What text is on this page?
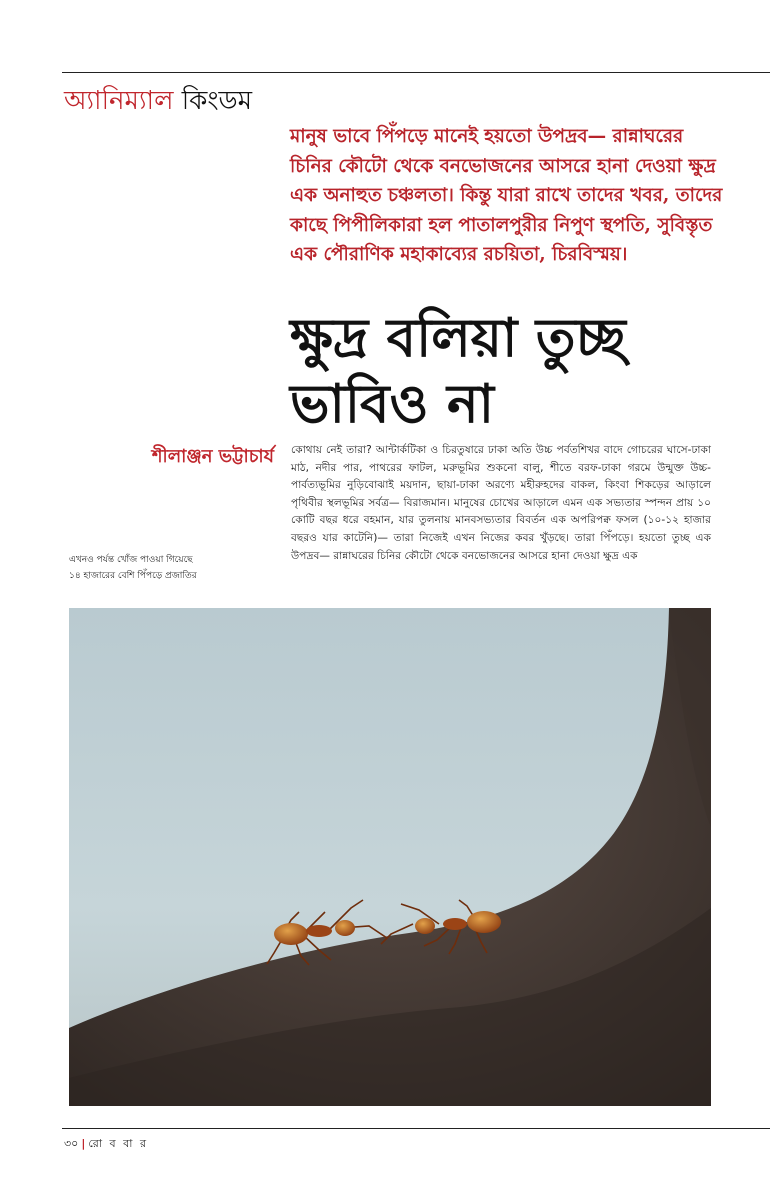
অ্যানিম্যাল কিংডম
মানুষ ভাবে পিঁপড়ে মানেই হয়তো উপদ্রব— রান্নাঘরের চিনির কৌটো থেকে বনভোজনের আসরে হানা দেওয়া ক্ষুদ্র এক অনাহুত চঞ্চলতা। কিন্তু যারা রাখে তাদের খবর, তাদের কাছে পিপীলিকারা হল পাতালপুরীর নিপুণ স্থপতি, সুবিস্তৃত এক পৌরাণিক মহাকাব্যের রচয়িতা, চিরবিস্ময়।
ক্ষুদ্র বলিয়া তুচ্ছ
ভাবিও না
শীলাঞ্জন ভট্টাচার্য কোথায় নেই তারা? আন্টার্কটিকা ও চিরতুষারে ঢাকা অতি উচ্চ পর্বতশিখর বাদে গোচরের ঘাসে-ঢাকা মাঠ, নদীর পার, পাথরের ফাটল, মরুভূমির শুকনো বালু, শীতে বরফ-ঢাকা গরমে উন্মুক্ত উচ্চ-পার্বত্যভূমির নুড়িবোঝাই ময়দান, ছায়া-ঢাকা অরণ্যে মহীরুহদের বাকল, কিংবা শিকড়ের আড়ালে পৃথিবীর স্থলভূমির সর্বত্র— বিরাজমান। মানুষের চোখের আড়ালে এমন এক সভ্যতার স্পন্দন প্রায় ১০ কোটি বছর ধরে বহমান, যার তুলনায় মানবসভ্যতার বিবর্তন এক অপরিপক্ব ফসল (১০-১২ হাজার বছরও যার কাটেনি)— তারা নিজেই এখন নিজের কবর খুঁড়ছে। তারা পিঁপড়ে। হয়তো তুচ্ছ এক উপদ্রব— রান্নাঘরের চিনির কৌটো থেকে বনভোজনের আসরে হানা দেওয়া ক্ষুদ্র এক
এখনও পর্যন্ত খোঁজ পাওয়া গিয়েছে
১৪ হাজারের বেশি পিঁপড়ে প্রজাতির
৩০ | রো ব বা র
